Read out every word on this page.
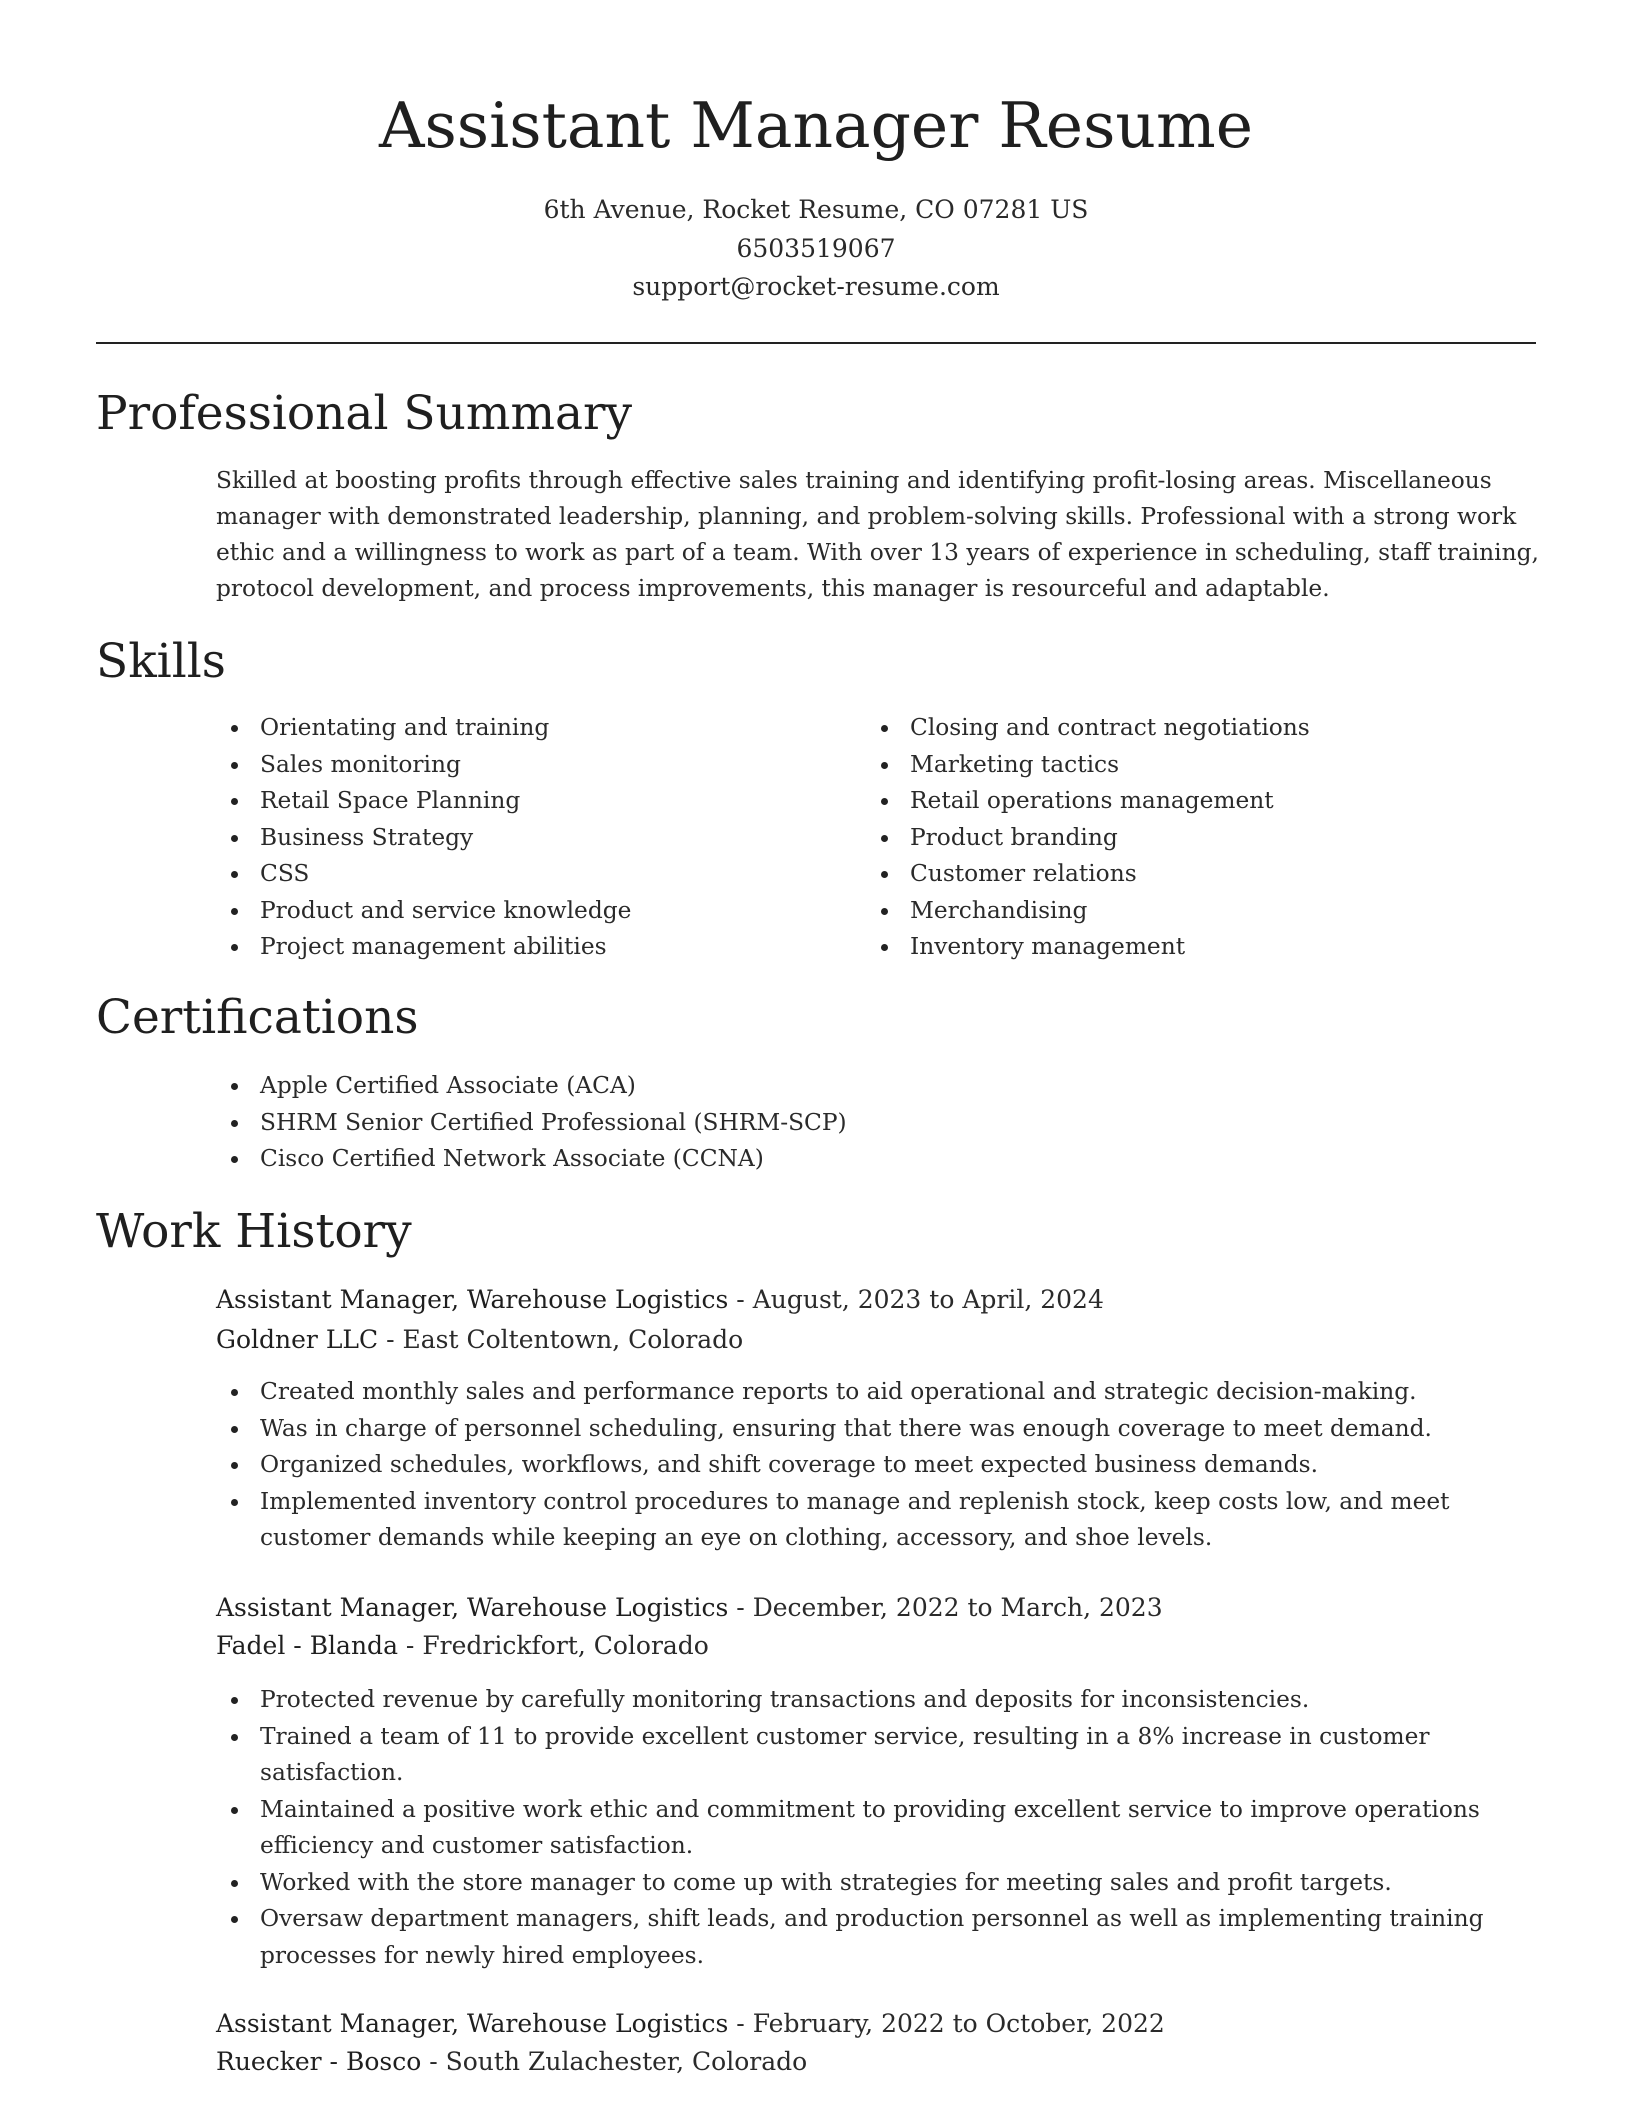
Assistant Manager Resume
6th Avenue, Rocket Resume, CO 07281 US
6503519067
support@rocket-resume.com
Professional Summary

Skilled at boosting profits through effective sales training and identifying profit-losing areas. Miscellaneous manager with demonstrated leadership, planning, and problem-solving skills. Professional with a strong work ethic and a willingness to work as part of a team. With over 13 years of experience in scheduling, staff training, protocol development, and process improvements, this manager is resourceful and adaptable.

Skills
Orientating and training
Sales monitoring
Retail Space Planning
Business Strategy
CSS
Product and service knowledge
Project management abilities
Closing and contract negotiations
Marketing tactics
Retail operations management
Product branding
Customer relations
Merchandising
Inventory management
Certifications
Apple Certified Associate (ACA)
SHRM Senior Certified Professional (SHRM-SCP)
Cisco Certified Network Associate (CCNA)
Work History
Assistant Manager, Warehouse Logistics - August, 2023 to April, 2024
Goldner LLC - East Coltentown, Colorado
Created monthly sales and performance reports to aid operational and strategic decision-making.
Was in charge of personnel scheduling, ensuring that there was enough coverage to meet demand.
Organized schedules, workflows, and shift coverage to meet expected business demands.
Implemented inventory control procedures to manage and replenish stock, keep costs low, and meet customer demands while keeping an eye on clothing, accessory, and shoe levels.
Assistant Manager, Warehouse Logistics - December, 2022 to March, 2023
Fadel - Blanda - Fredrickfort, Colorado
Protected revenue by carefully monitoring transactions and deposits for inconsistencies.
Trained a team of 11 to provide excellent customer service, resulting in a 8% increase in customer satisfaction.
Maintained a positive work ethic and commitment to providing excellent service to improve operations efficiency and customer satisfaction.
Worked with the store manager to come up with strategies for meeting sales and profit targets.
Oversaw department managers, shift leads, and production personnel as well as implementing training processes for newly hired employees.
Assistant Manager, Warehouse Logistics - February, 2022 to October, 2022
Ruecker - Bosco - South Zulachester, Colorado
